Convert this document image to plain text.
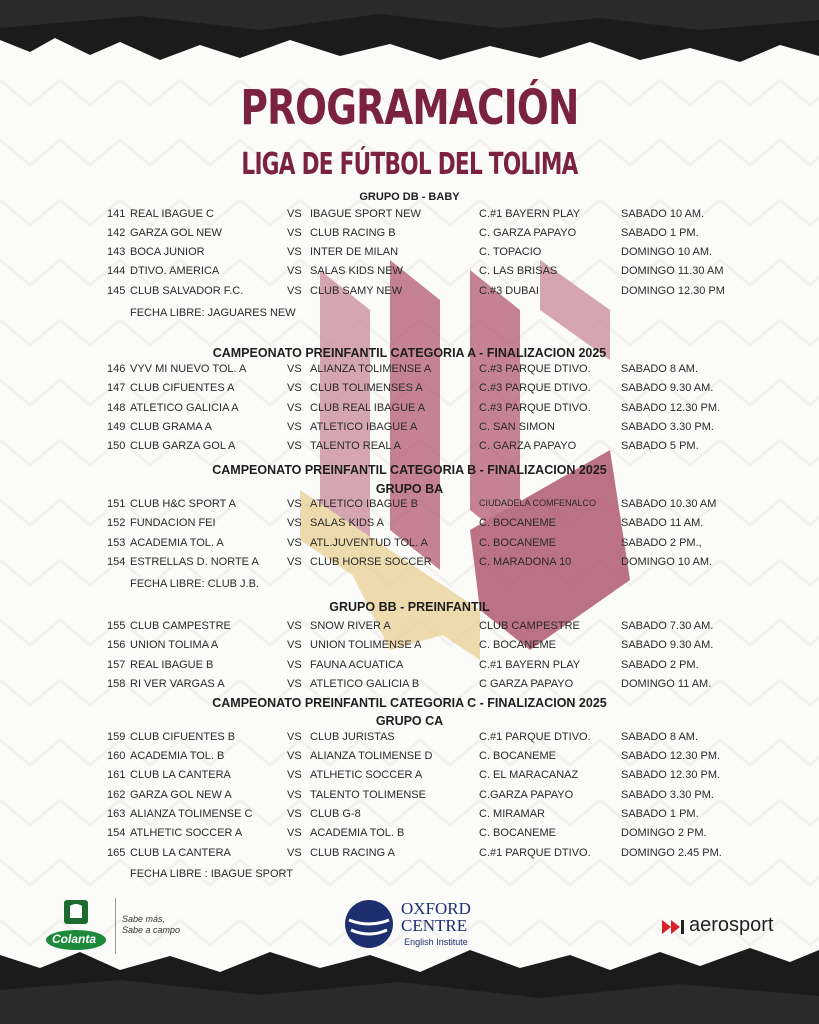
PROGRAMACIÓN
LIGA DE FÚTBOL DEL TOLIMA
GRUPO DB - BABY
CAMPEONATO PREINFANTIL CATEGORIA A - FINALIZACION 2025
CAMPEONATO PREINFANTIL CATEGORIA B - FINALIZACION 2025
GRUPO BA
GRUPO BB - PREINFANTIL
CAMPEONATO PREINFANTIL CATEGORIA C - FINALIZACION 2025
GRUPO CA
141 REAL IBAGUE C	VS IBAGUE SPORT NEW	C.#1 BAYERN PLAY	SABADO 10 AM.
142 GARZA GOL NEW	VS CLUB RACING B	C. GARZA PAPAYO	SABADO 1 PM.
143 BOCA JUNIOR	VS INTER DE MILAN	C. TOPACIO	DOMINGO 10 AM.
144 DTIVO. AMERICA	VS SALAS KIDS NEW	C. LAS BRISAS	DOMINGO 11.30 AM
145 CLUB SALVADOR F.C.	VS CLUB SAMY NEW	C.#3 DUBAI	DOMINGO 12.30 PM
146 VYV MI NUEVO TOL. A	VS ALIANZA TOLIMENSE A	C.#3 PARQUE DTIVO.	SABADO 8 AM.
147 CLUB CIFUENTES A	VS CLUB TOLIMENSES A	C.#3 PARQUE DTIVO.	SABADO 9.30 AM.
148 ATLETICO GALICIA A	VS CLUB REAL IBAGUE A	C.#3 PARQUE DTIVO.	SABADO 12.30 PM.
149 CLUB GRAMA A	VS ATLETICO IBAGUE A	C. SAN SIMON	SABADO 3.30 PM.
150 CLUB GARZA GOL A	VS TALENTO REAL A	C. GARZA PAPAYO	SABADO 5 PM.
151 CLUB H&C SPORT A	VS ATLETICO IBAGUE B	CIUDADELA COMFENALCO SABADO 10.30 AM
152 FUNDACION FEI	VS SALAS KIDS A	C. BOCANEME	SABADO 11 AM.
153 ACADEMIA TOL. A	VS ATL.JUVENTUD TOL. A	C. BOCANEME	SABADO 2 PM.,
154 ESTRELLAS D. NORTE A	VS CLUB HORSE SOCCER	C. MARADONA 10	DOMINGO 10 AM.
155 CLUB CAMPESTRE	VS SNOW RIVER A	CLUB CAMPESTRE	SABADO 7.30 AM.
156 UNION TOLIMA A	VS UNION TOLIMENSE A	C. BOCANEME	SABADO 9.30 AM.
157 REAL IBAGUE B	VS FAUNA ACUATICA	C.#1 BAYERN PLAY	SABADO 2 PM.
158 RI VER VARGAS A	VS ATLETICO GALICIA B	C GARZA PAPAYO	DOMINGO 11 AM.
159 CLUB CIFUENTES B	VS CLUB JURISTAS	C.#1 PARQUE DTIVO.	SABADO 8 AM.
160 ACADEMIA TOL. B	VS ALIANZA TOLIMENSE D	C. BOCANEME	SABADO 12.30 PM.
161 CLUB LA CANTERA	VS ATLHETIC SOCCER A	C. EL MARACANAZ	SABADO 12.30 PM.
162 GARZA GOL NEW A	VS TALENTO TOLIMENSE	C.GARZA PAPAYO	SABADO 3.30 PM.
163 ALIANZA TOLIMENSE C	VS CLUB G-8	C. MIRAMAR	SABADO 1 PM.
154 ATLHETIC SOCCER A	VS ACADEMIA TOL. B	C. BOCANEME	DOMINGO 2 PM.
165 CLUB LA CANTERA	VS CLUB RACING A	C.#1 PARQUE DTIVO.	DOMINGO 2.45 PM.
FECHA LIBRE: JAGUARES NEW
FECHA LIBRE: CLUB J.B.
FECHA LIBRE : IBAGUE SPORT
Colanta
Sabe más,
Sabe a campo
OXFORD
CENTRE
English Institute
aerosport
